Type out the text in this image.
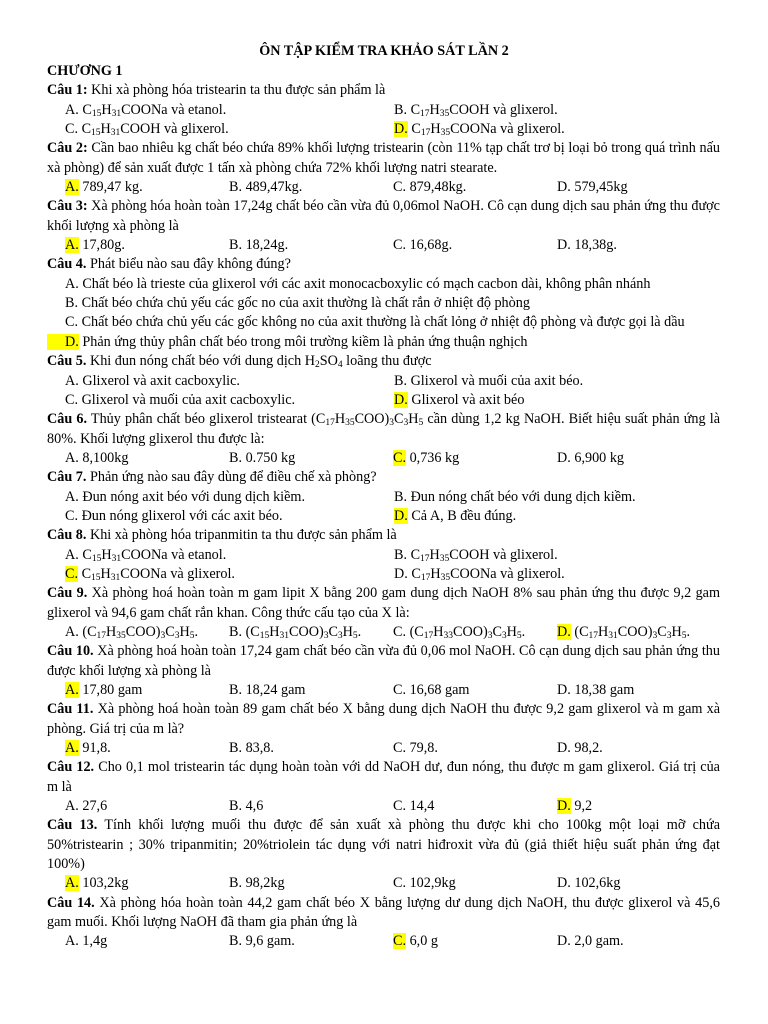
ÔN TẬP KIỂM TRA KHẢO SÁT LẦN 2
CHƯƠNG 1
Câu 1: Khi xà phòng hóa tristearin ta thu được sản phẩm là
A. $C_{15}H_{31}COONa$ và etanol.	B. $C_{17}H_{35}COOH$ và glixerol.
C. $C_{15}H_{31}COOH$ và glixerol.	D. $C_{17}H_{35}COONa$ và glixerol.
Câu 2: Cần bao nhiêu kg chất béo chứa 89% khối lượng tristearin (còn 11% tạp chất trơ bị loại bỏ trong quá trình nấu xà phòng) để sản xuất được 1 tấn xà phòng chứa 72% khối lượng natri stearate.
A. 789,47 kg.	B. 489,47kg.	C. 879,48kg.	D. 579,45kg
Câu 3: Xà phòng hóa hoàn toàn 17,24g chất béo cần vừa đủ 0,06mol NaOH. Cô cạn dung dịch sau phản ứng thu được khối lượng xà phòng là
A. 17,80g.	B. 18,24g.	C. 16,68g.	D. 18,38g.
Câu 4. Phát biểu nào sau đây không đúng?
A. Chất béo là trieste của glixerol với các axit monocacboxylic có mạch cacbon dài, không phân nhánh
B. Chất béo chứa chủ yếu các gốc no của axit thường là chất rắn ở nhiệt độ phòng
C. Chất béo chứa chủ yếu các gốc không no của axit thường là chất lỏng ở nhiệt độ phòng và được gọi là dầu
D. Phản ứng thủy phân chất béo trong môi trường kiềm là phản ứng thuận nghịch
Câu 5. Khi đun nóng chất béo với dung dịch $H_2SO_4$ loãng thu được
A. Glixerol và axit cacboxylic.	B. Glixerol và muối của axit béo.
C. Glixerol và muối của axit cacboxylic.	D. Glixerol và axit béo
Câu 6. Thủy phân chất béo glixerol tristearat $(C_{17}H_{35}COO)_3C_3H_5$ cần dùng 1,2 kg NaOH. Biết hiệu suất phản ứng là 80%. Khối lượng glixerol thu được là:
A. 8,100kg	B. 0.750 kg	C. 0,736 kg	D. 6,900 kg
Câu 7. Phản ứng nào sau đây dùng để điều chế xà phòng?
A. Đun nóng axit béo với dung dịch kiềm.	B. Đun nóng chất béo với dung dịch kiềm.
C. Đun nóng glixerol với các axit béo.	D. Cả A, B đều đúng.
Câu 8. Khi xà phòng hóa tripanmitin ta thu được sản phẩm là
A. $C_{15}H_{31}COONa$ và etanol.	B. $C_{17}H_{35}COOH$ và glixerol.
C. $C_{15}H_{31}COONa$ và glixerol.	D. $C_{17}H_{35}COONa$ và glixerol.
Câu 9. Xà phòng hoá hoàn toàn m gam lipit X bằng 200 gam dung dịch NaOH 8% sau phản ứng thu được 9,2 gam glixerol và 94,6 gam chất rắn khan. Công thức cấu tạo của X là:
A. $(C_{17}H_{35}COO)_3C_3H_5$.	B. $(C_{15}H_{31}COO)_3C_3H_5$.	C. $(C_{17}H_{33}COO)_3C_3H_5$.	D. $(C_{17}H_{31}COO)_3C_3H_5$.
Câu 10. Xà phòng hoá hoàn toàn 17,24 gam chất béo cần vừa đủ 0,06 mol NaOH. Cô cạn dung dịch sau phản ứng thu được khối lượng xà phòng là
A. 17,80 gam	B. 18,24 gam	C. 16,68 gam	D. 18,38 gam
Câu 11. Xà phòng hoá hoàn toàn 89 gam chất béo X bằng dung dịch NaOH thu được 9,2 gam glixerol và m gam xà phòng. Giá trị của m là?
A. 91,8.	B. 83,8.	C. 79,8.	D. 98,2.
Câu 12. Cho 0,1 mol tristearin tác dụng hoàn toàn với dd NaOH dư, đun nóng, thu được m gam glixerol. Giá trị của m là
A. 27,6	B. 4,6	C. 14,4	D. 9,2
Câu 13. Tính khối lượng muối thu được để sản xuất xà phòng thu được khi cho 100kg một loại mỡ chứa 50%tristearin ; 30% tripanmitin; 20%triolein tác dụng với natri hiđroxit vừa đủ (giả thiết hiệu suất phản ứng đạt 100%)
A. 103,2kg	B. 98,2kg	C. 102,9kg	D. 102,6kg
Câu 14. Xà phòng hóa hoàn toàn 44,2 gam chất béo X bằng lượng dư dung dịch NaOH, thu được glixerol và 45,6 gam muối. Khối lượng NaOH đã tham gia phản ứng là
A. 1,4g	B. 9,6 gam.	C. 6,0 g	D. 2,0 gam.
